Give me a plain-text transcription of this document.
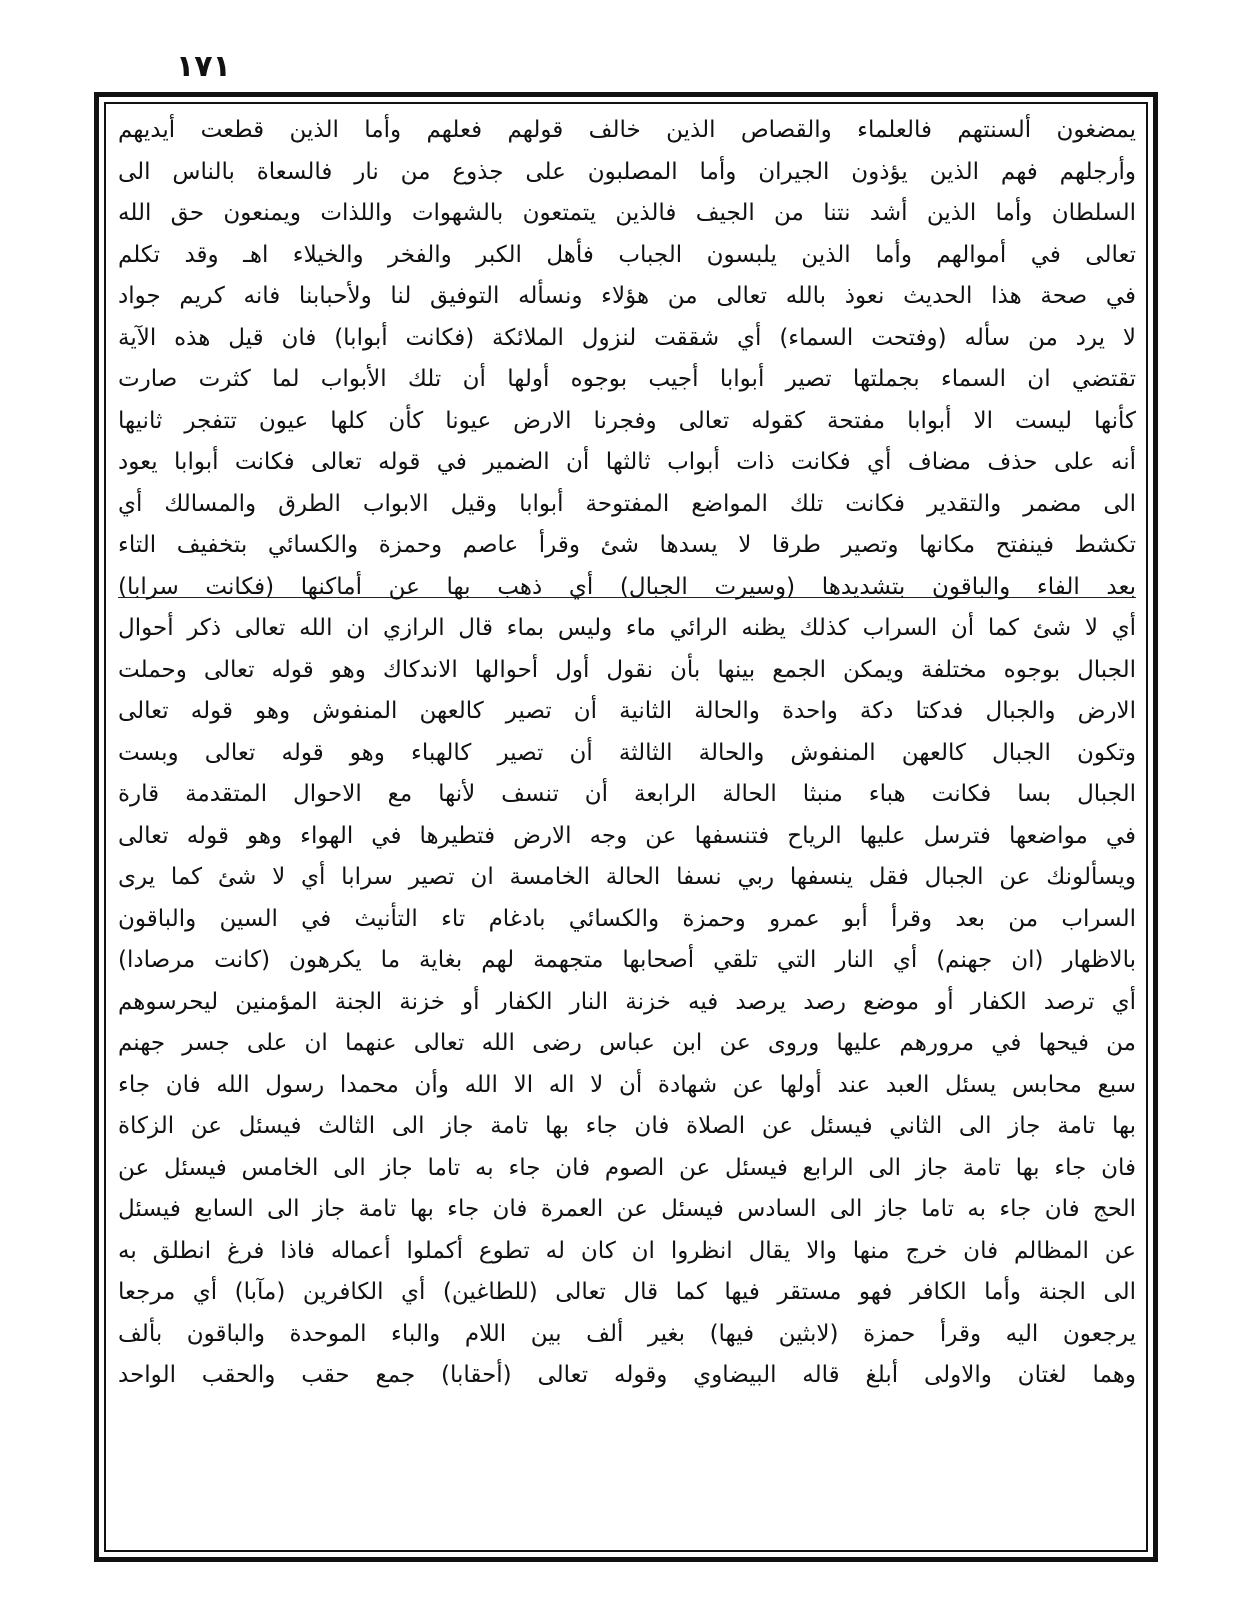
١٧١
يمضغون ألسنتهم فالعلماء والقصاص الذين خالف قولهم فعلهم وأما الذين قطعت أيديهم
وأرجلهم فهم الذين يؤذون الجيران وأما المصلبون على جذوع من نار فالسعاة بالناس الى
السلطان وأما الذين أشد نتنا من الجيف فالذين يتمتعون بالشهوات واللذات ويمنعون حق الله
تعالى في أموالهم وأما الذين يلبسون الجباب فأهل الكبر والفخر والخيلاء اهـ وقد تكلم
في صحة هذا الحديث نعوذ بالله تعالى من هؤلاء ونسأله التوفيق لنا ولأحبابنا فانه كريم جواد
لا يرد من سأله (وفتحت السماء) أي شققت لنزول الملائكة (فكانت أبوابا) فان قيل هذه الآية
تقتضي ان السماء بجملتها تصير أبوابا أجيب بوجوه أولها أن تلك الأبواب لما كثرت صارت
كأنها ليست الا أبوابا مفتحة كقوله تعالى وفجرنا الارض عيونا كأن كلها عيون تتفجر ثانيها
أنه على حذف مضاف أي فكانت ذات أبواب ثالثها أن الضمير في قوله تعالى فكانت أبوابا يعود
الى مضمر والتقدير فكانت تلك المواضع المفتوحة أبوابا وقيل الابواب الطرق والمسالك أي
تكشط فينفتح مكانها وتصير طرقا لا يسدها شئ وقرأ عاصم وحمزة والكسائي بتخفيف التاء
بعد الفاء والباقون بتشديدها (وسيرت الجبال) أي ذهب بها عن أماكنها (فكانت سرابا)
أي لا شئ كما أن السراب كذلك يظنه الرائي ماء وليس بماء قال الرازي ان الله تعالى ذكر أحوال
الجبال بوجوه مختلفة ويمكن الجمع بينها بأن نقول أول أحوالها الاندكاك وهو قوله تعالى وحملت
الارض والجبال فدكتا دكة واحدة والحالة الثانية أن تصير كالعهن المنفوش وهو قوله تعالى
وتكون الجبال كالعهن المنفوش والحالة الثالثة أن تصير كالهباء وهو قوله تعالى وبست
الجبال بسا فكانت هباء منبثا الحالة الرابعة أن تنسف لأنها مع الاحوال المتقدمة قارة
في مواضعها فترسل عليها الرياح فتنسفها عن وجه الارض فتطيرها في الهواء وهو قوله تعالى
ويسألونك عن الجبال فقل ينسفها ربي نسفا الحالة الخامسة ان تصير سرابا أي لا شئ كما يرى
السراب من بعد وقرأ أبو عمرو وحمزة والكسائي بادغام تاء التأنيث في السين والباقون
بالاظهار (ان جهنم) أي النار التي تلقي أصحابها متجهمة لهم بغاية ما يكرهون (كانت مرصادا)
أي ترصد الكفار أو موضع رصد يرصد فيه خزنة النار الكفار أو خزنة الجنة المؤمنين ليحرسوهم
من فيحها في مرورهم عليها وروى عن ابن عباس رضى الله تعالى عنهما ان على جسر جهنم
سبع محابس يسئل العبد عند أولها عن شهادة أن لا اله الا الله وأن محمدا رسول الله فان جاء
بها تامة جاز الى الثاني فيسئل عن الصلاة فان جاء بها تامة جاز الى الثالث فيسئل عن الزكاة
فان جاء بها تامة جاز الى الرابع فيسئل عن الصوم فان جاء به تاما جاز الى الخامس فيسئل عن
الحج فان جاء به تاما جاز الى السادس فيسئل عن العمرة فان جاء بها تامة جاز الى السابع فيسئل
عن المظالم فان خرج منها والا يقال انظروا ان كان له تطوع أكملوا أعماله فاذا فرغ انطلق به
الى الجنة وأما الكافر فهو مستقر فيها كما قال تعالى (للطاغين) أي الكافرين (مآبا) أي مرجعا
يرجعون اليه وقرأ حمزة (لابثين فيها) بغير ألف بين اللام والباء الموحدة والباقون بألف
وهما لغتان والاولى أبلغ قاله البيضاوي وقوله تعالى (أحقابا) جمع حقب والحقب الواحد
